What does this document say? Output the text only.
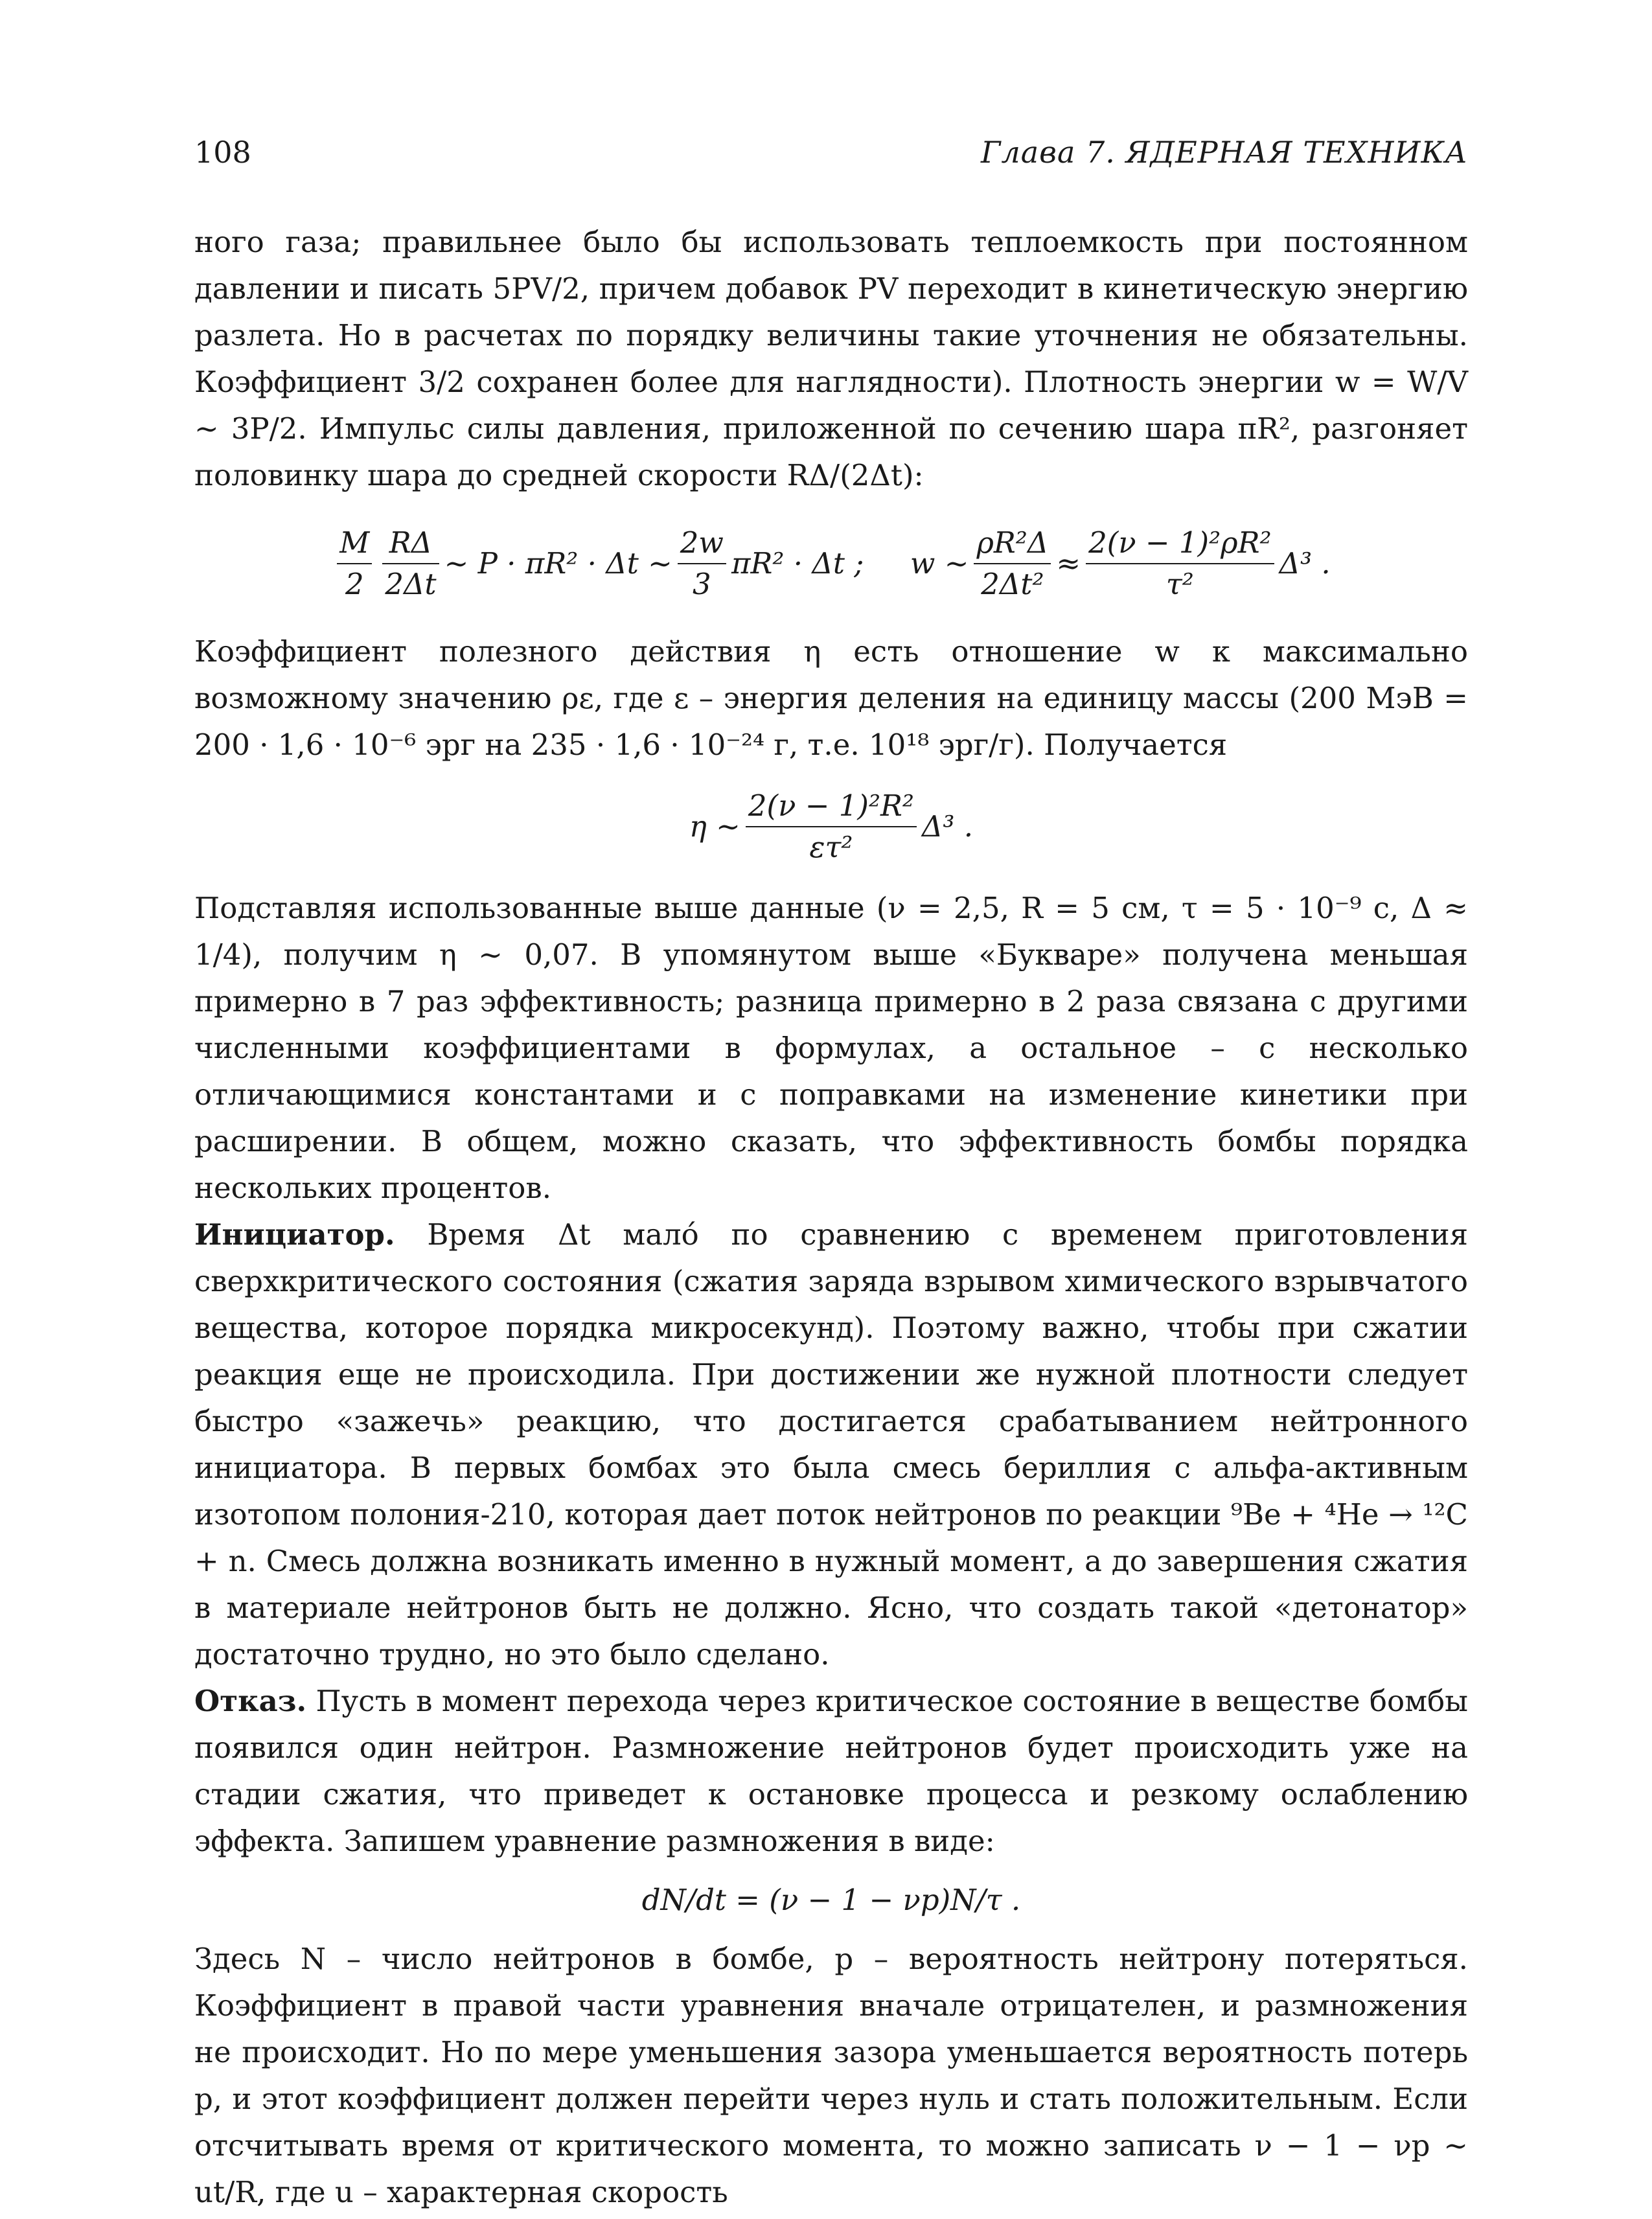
108	Глава 7. ЯДЕРНАЯ ТЕХНИКА

ного газа; правильнее было бы использовать теплоемкость при постоянном давлении и писать 5PV/2, причем добавок PV переходит в кинетическую энергию разлета. Но в расчетах по порядку величины такие уточнения не обязательны. Коэффициент 3/2 сохранен более для наглядности). Плотность энергии w = W/V ∼ 3P/2. Импульс силы давления, приложенной по сечению шара πR², разгоняет половинку шара до средней скорости RΔ/(2Δt):

$\frac{M}{2} \frac{R\Delta}{2\Delta t}$ ∼ P · πR² · Δt ∼ $\frac{2w}{3} \pi R^2 \cdot \Delta t$ ;     w ∼ $\frac{\text{ρR²Δ}}{\text{2Δt²}} \approx \frac{\text{2(ν − 1)²ρR²}}{\text{τ²}} \Delta^3$ .

Коэффициент полезного действия η есть отношение w к максимально возможному значению ρε, где ε – энергия деления на единицу массы (200 МэВ = 200 · 1,6 · 10⁻⁶ эрг на 235 · 1,6 · 10⁻²⁴ г, т.е. 10¹⁸ эрг/г). Получается

η ∼ $\frac{\text{2(ν − 1)²R²}}{\text{ετ²}} \Delta^3$ .

Подставляя использованные выше данные (ν = 2,5, R = 5 см, τ = 5 · 10⁻⁹ с, Δ ≈ 1/4), получим η ∼ 0,07. В упомянутом выше «Букваре» получена меньшая примерно в 7 раз эффективность; разница примерно в 2 раза связана с другими численными коэффициентами в формулах, а остальное – с несколько отличающимися константами и с поправками на изменение кинетики при расширении. В общем, можно сказать, что эффективность бомбы порядка нескольких процентов.

Инициатор. Время Δt мало́ по сравнению с временем приготовления сверхкритического состояния (сжатия заряда взрывом химического взрывчатого вещества, которое порядка микросекунд). Поэтому важно, чтобы при сжатии реакция еще не происходила. При достижении же нужной плотности следует быстро «зажечь» реакцию, что достигается срабатыванием нейтронного инициатора. В первых бомбах это была смесь бериллия с альфа-активным изотопом полония-210, которая дает поток нейтронов по реакции ⁹Be + ⁴He → ¹²C + n. Смесь должна возникать именно в нужный момент, а до завершения сжатия в материале нейтронов быть не должно. Ясно, что создать такой «детонатор» достаточно трудно, но это было сделано.

Отказ. Пусть в момент перехода через критическое состояние в веществе бомбы появился один нейтрон. Размножение нейтронов будет происходить уже на стадии сжатия, что приведет к остановке процесса и резкому ослаблению эффекта. Запишем уравнение размножения в виде:

dN/dt = (ν − 1 − νp)N/τ .

Здесь N – число нейтронов в бомбе, p – вероятность нейтрону потеряться. Коэффициент в правой части уравнения вначале отрицателен, и размножения не происходит. Но по мере уменьшения зазора уменьшается вероятность потерь p, и этот коэффициент должен перейти через нуль и стать положительным. Если отсчитывать время от критического момента, то можно записать ν − 1 − νp ∼ ut/R, где u – характерная скорость
